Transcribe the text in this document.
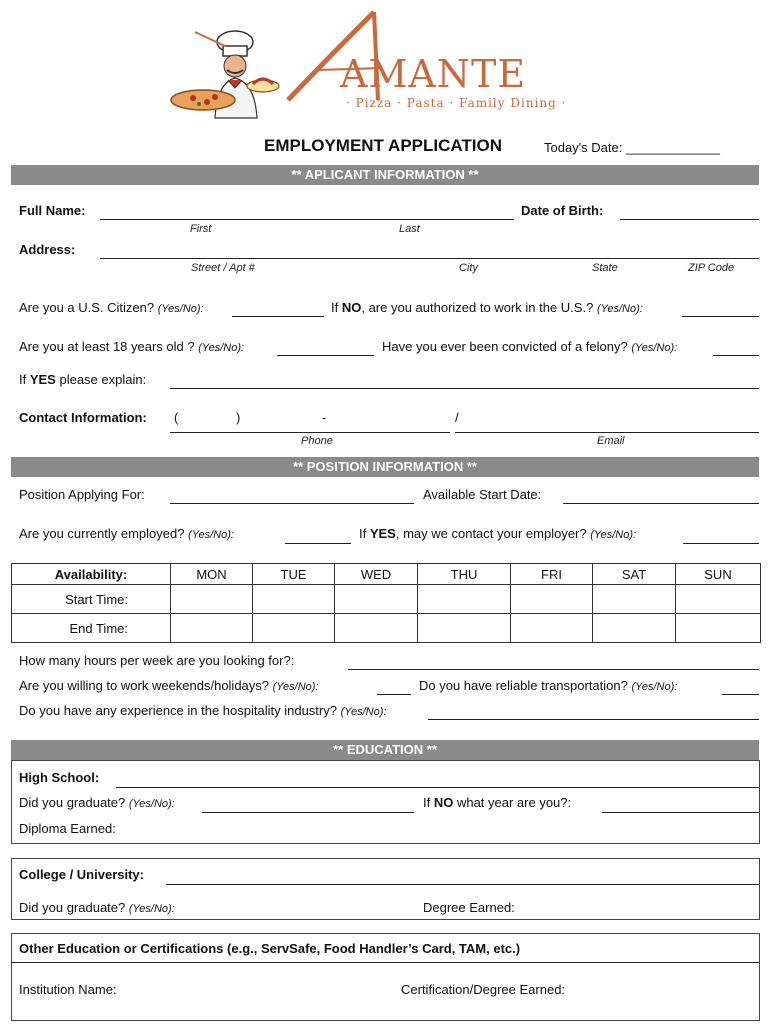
AMANTE
· Pizza · Pasta · Family Dining ·
EMPLOYMENT APPLICATION	Today's Date: _____________
** APLICANT INFORMATION **
Full Name:
First	Last
Date of Birth:
Address:
Street / Apt #	City	State	ZIP Code
Are you a U.S. Citizen? (Yes/No):	If NO, are you authorized to work in the U.S.? (Yes/No):
Are you at least 18 years old ? (Yes/No):	Have you ever been convicted of a felony? (Yes/No):
If YES please explain:
Contact Information: (	)	-	/
Phone	Email
** POSITION INFORMATION **
Position Applying For:	Available Start Date:
Are you currently employed? (Yes/No):	If YES, may we contact your employer? (Yes/No):
Availability:	MON	TUE	WED	THU	FRI	SAT	SUN
Start Time:							
End Time:							
How many hours per week are you looking for?:
Are you willing to work weekends/holidays? (Yes/No):	Do you have reliable transportation? (Yes/No):
Do you have any experience in the hospitality industry? (Yes/No):
** EDUCATION **
High School:
Did you graduate? (Yes/No):	If NO what year are you?:
Diploma Earned:
College / University:
Did you graduate? (Yes/No):	Degree Earned:
Other Education or Certifications (e.g., ServSafe, Food Handler’s Card, TAM, etc.)
Institution Name:	Certification/Degree Earned:
